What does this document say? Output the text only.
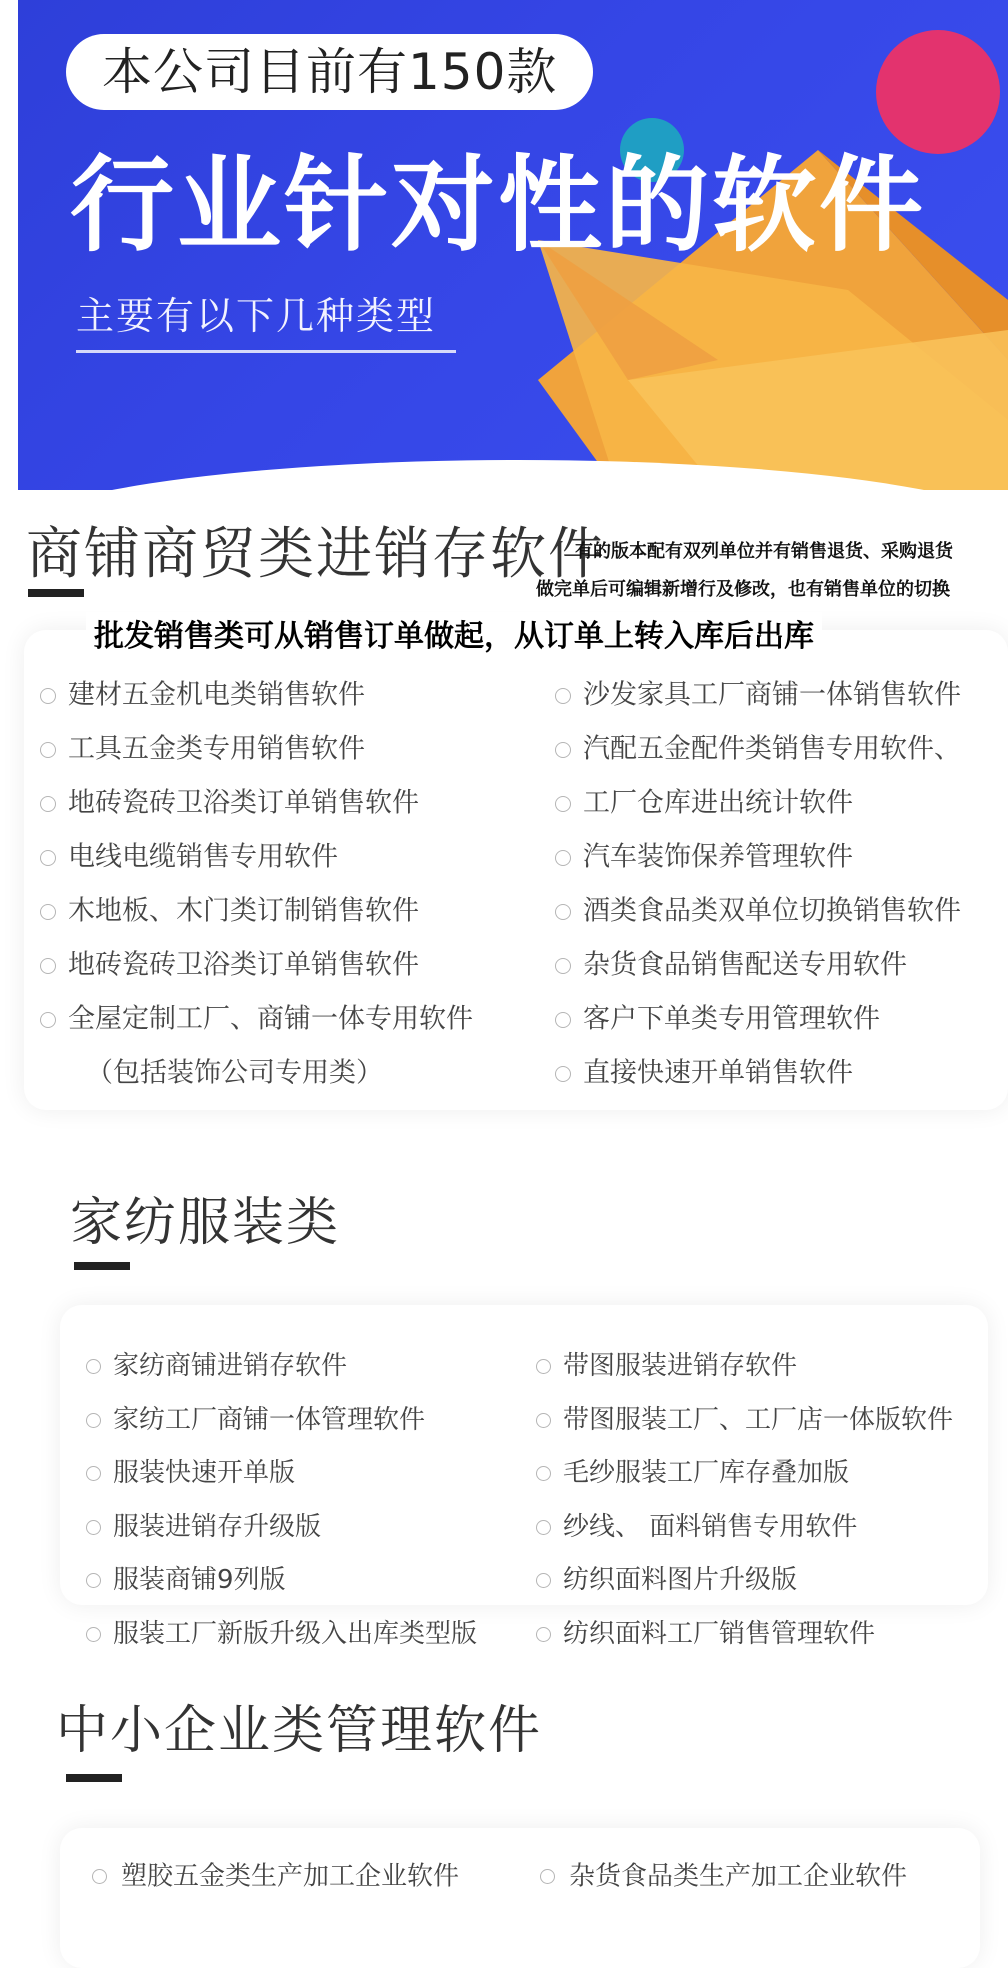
本公司目前有150款
行业针对性的软件
主要有以下几种类型
商铺商贸类进销存软件
有的版本配有双列单位并有销售退货、采购退货
做完单后可编辑新增行及修改，也有销售单位的切换
批发销售类可从销售订单做起，从订单上转入库后出库
建材五金机电类销售软件
工具五金类专用销售软件
地砖瓷砖卫浴类订单销售软件
电线电缆销售专用软件
木地板、木门类订制销售软件
地砖瓷砖卫浴类订单销售软件
全屋定制工厂、商铺一体专用软件
（包括装饰公司专用类）
沙发家具工厂商铺一体销售软件
汽配五金配件类销售专用软件、
工厂仓库进出统计软件
汽车装饰保养管理软件
酒类食品类双单位切换销售软件
杂货食品销售配送专用软件
客户下单类专用管理软件
直接快速开单销售软件
家纺服装类
家纺商铺进销存软件
家纺工厂商铺一体管理软件
服装快速开单版
服装进销存升级版
服装商铺9列版
服装工厂新版升级入出库类型版
带图服装进销存软件
带图服装工厂、工厂店一体版软件
毛纱服装工厂库存叠加版
纱线、 面料销售专用软件
纺织面料图片升级版
纺织面料工厂销售管理软件
中小企业类管理软件
塑胶五金类生产加工企业软件	杂货食品类生产加工企业软件
